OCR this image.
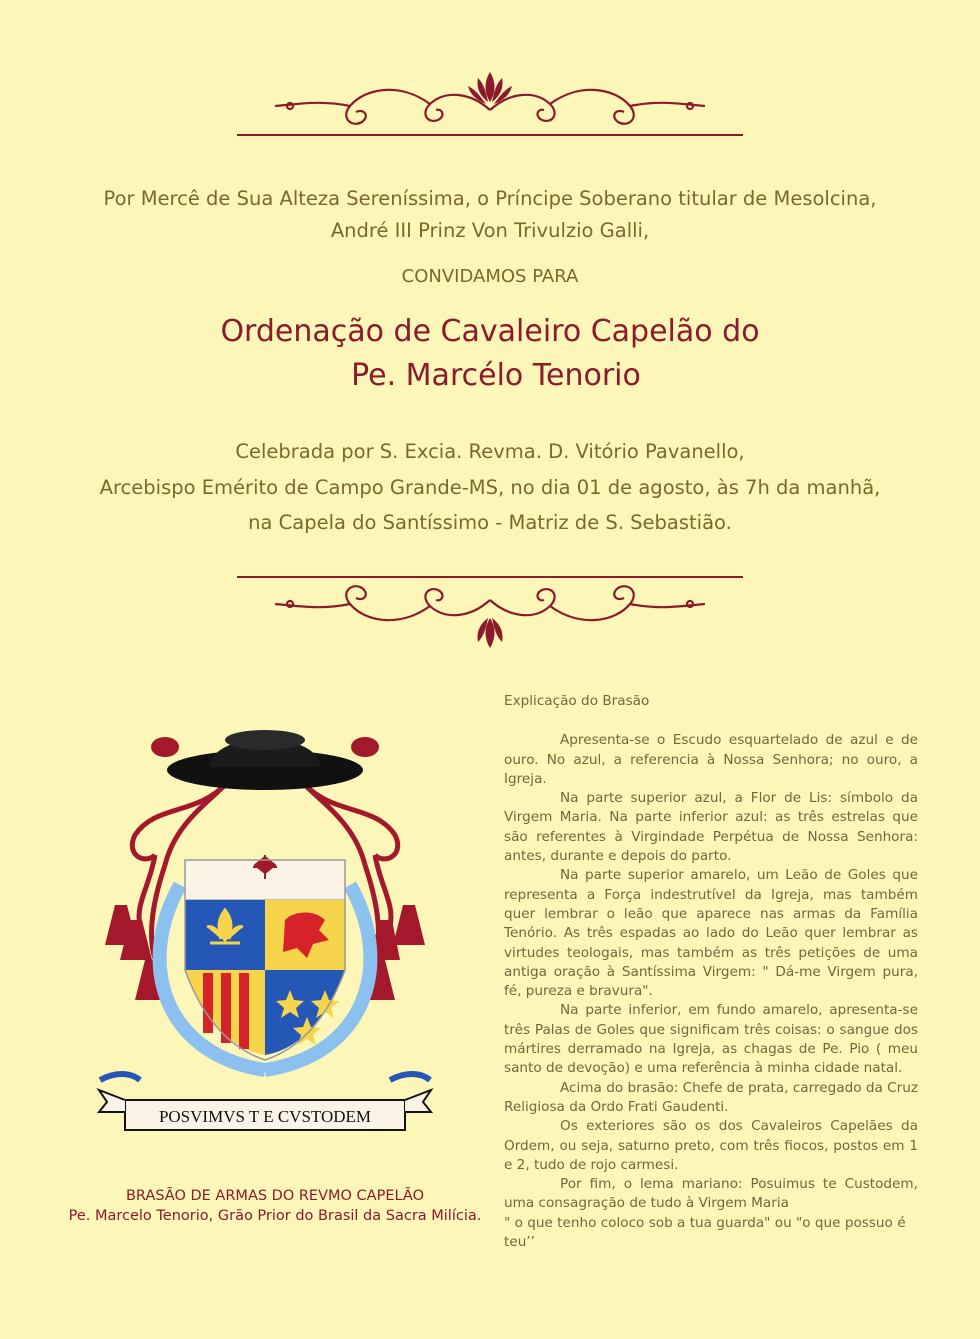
Por Mercê de Sua Alteza Sereníssima, o Príncipe Soberano titular de Mesolcina,
André III Prinz Von Trivulzio Galli,
CONVIDAMOS PARA
Ordenação de Cavaleiro Capelão do
Pe. Marcélo Tenorio
Celebrada por S. Excia. Revma. D. Vitório Pavanello,
Arcebispo Emérito de Campo Grande-MS, no dia 01 de agosto, às 7h da manhã,
na Capela do Santíssimo - Matriz de S. Sebastião.
POSVIMVS T E CVSTODEM
BRASÃO DE ARMAS DO REVMO CAPELÃO
Pe. Marcelo Tenorio, Grão Prior do Brasil da Sacra Milícia.
Explicação do Brasão

Apresenta-se o Escudo esquartelado de azul e de ouro. No azul, a referencia à Nossa Senhora; no ouro, a Igreja.

Na parte superior azul, a Flor de Lis: símbolo da Virgem Maria. Na parte inferior azul: as três estrelas que são referentes à Virgindade Perpétua de Nossa Senhora: antes, durante e depois do parto.

Na parte superior amarelo, um Leão de Goles que representa a Força indestrutível da Igreja, mas também quer lembrar o leão que aparece nas armas da Família Tenório. As três espadas ao lado do Leão quer lembrar as virtudes teologais, mas também as três petições de uma antiga oração à Santíssima Virgem: " Dá-me Virgem pura, fé, pureza e bravura".

Na parte inferior, em fundo amarelo, apresenta-se três Palas de Goles que significam três coisas: o sangue dos mártires derramado na Igreja, as chagas de Pe. Pio ( meu santo de devoção) e uma referência à minha cidade natal.

Acima do brasão: Chefe de prata, carregado da Cruz Religiosa da Ordo Frati Gaudenti.

Os exteriores são os dos Cavaleiros Capelães da Ordem, ou seja, saturno preto, com três fiocos, postos em 1 e 2, tudo de rojo carmesi.

Por fim, o lema mariano: Posuimus te Custodem, uma consagração de tudo à Virgem Maria

" o que tenho coloco sob a tua guarda" ou "o que possuo é teu’’
